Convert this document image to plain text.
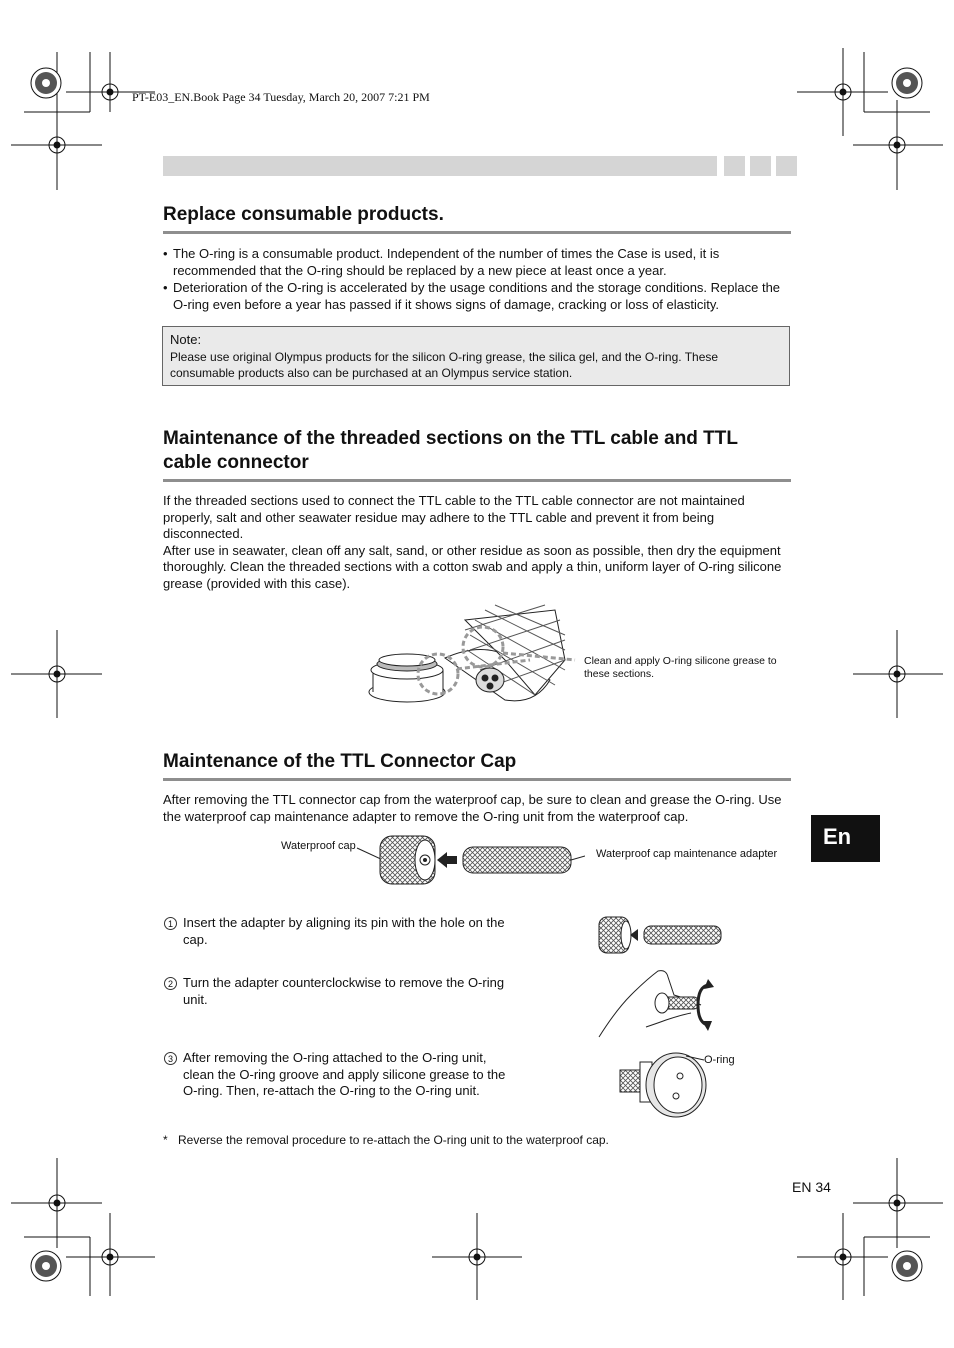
PT-E03_EN.Book Page 34 Tuesday, March 20, 2007 7:21 PM
Replace consumable products.
• The O-ring is a consumable product. Independent of the number of times the Case is used, it is recommended that the O-ring should be replaced by a new piece at least once a year.
• Deterioration of the O-ring is accelerated by the usage conditions and the storage conditions. Replace the O-ring even before a year has passed if it shows signs of damage, cracking or loss of elasticity.
Note:
Please use original Olympus products for the silicon O-ring grease, the silica gel, and the O-ring. These consumable products also can be purchased at an Olympus service station.
Maintenance of the threaded sections on the TTL cable and TTL cable connector
If the threaded sections used to connect the TTL cable to the TTL cable connector are not maintained properly, salt and other seawater residue may adhere to the TTL cable and prevent it from being disconnected.
After use in seawater, clean off any salt, sand, or other residue as soon as possible, then dry the equipment thoroughly. Clean the threaded sections with a cotton swab and apply a thin, uniform layer of O-ring silicone grease (provided with this case).
Clean and apply O-ring silicone grease to these sections.
Maintenance of the TTL Connector Cap
After removing the TTL connector cap from the waterproof cap, be sure to clean and grease the O-ring. Use the waterproof cap maintenance adapter to remove the O-ring unit from the waterproof cap.
Waterproof cap
Waterproof cap maintenance adapter
1 Insert the adapter by aligning its pin with the hole on the cap.
2 Turn the adapter counterclockwise to remove the O-ring unit.
3 After removing the O-ring attached to the O-ring unit, clean the O-ring groove and apply silicone grease to the O-ring. Then, re-attach the O-ring to the O-ring unit.
O-ring
* Reverse the removal procedure to re-attach the O-ring unit to the waterproof cap.
En
EN 34
